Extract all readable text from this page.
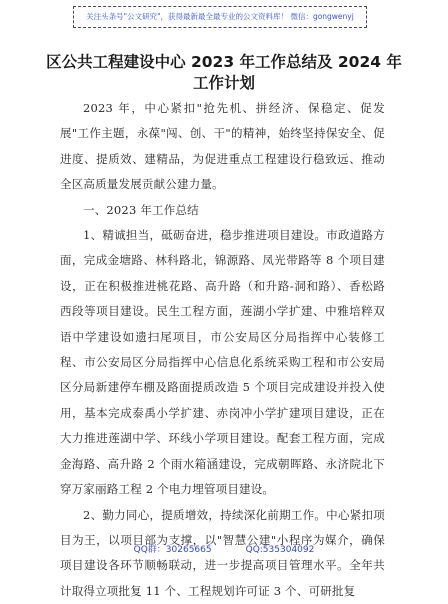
关注头条号"公文研究"，获得最新最全最专业的公文资料库！ 微信：gongwenyj
区公共工程建设中心 2023 年工作总结及 2024 年工作计划

2023 年，中心紧扣"抢先机、拼经济、保稳定、促发展"工作主题，永葆"闯、创、干"的精神，始终坚持保安全、促进度、提质效、建精品，为促进重点工程建设行稳致远、推动全区高质量发展贡献公建力量。

一、2023 年工作总结

1、精诚担当，砥砺奋进，稳步推进项目建设。市政道路方面，完成金塘路、林科路北，锦源路、凤光带路等 8 个项目建设，正在积极推进桃花路、高升路（和升路-洞和路）、香松路西段等项目建设。民生工程方面，莲湖小学扩建、中雅培粹双语中学建设如遗扫尾项目，市公安局区分局指挥中心装修工程、市公安局区分局指挥中心信息化系统采购工程和市公安局区分局新建停车棚及路面提质改造 5 个项目完成建设并投入使用，基本完成泰禹小学扩建、赤岗冲小学扩建项目建设，正在大力推进莲湖中学、环线小学项目建设。配套工程方面，完成金海路、高升路 2 个雨水箱涵建设，完成朝晖路、永济院北下穿万家丽路工程 2 个电力埋管项目建设。

2、勤力同心，提质增效，持续深化前期工作。中心紧扣项目为王，以项目部为支撑，以"智慧公建"小程序为媒介，确保项目建设各环节顺畅联动，进一步提高项目管理水平。全年共计取得立项批复 11 个、工程规划许可证 3 个、可研批复

QQ群：30265665	QQ:535304092
